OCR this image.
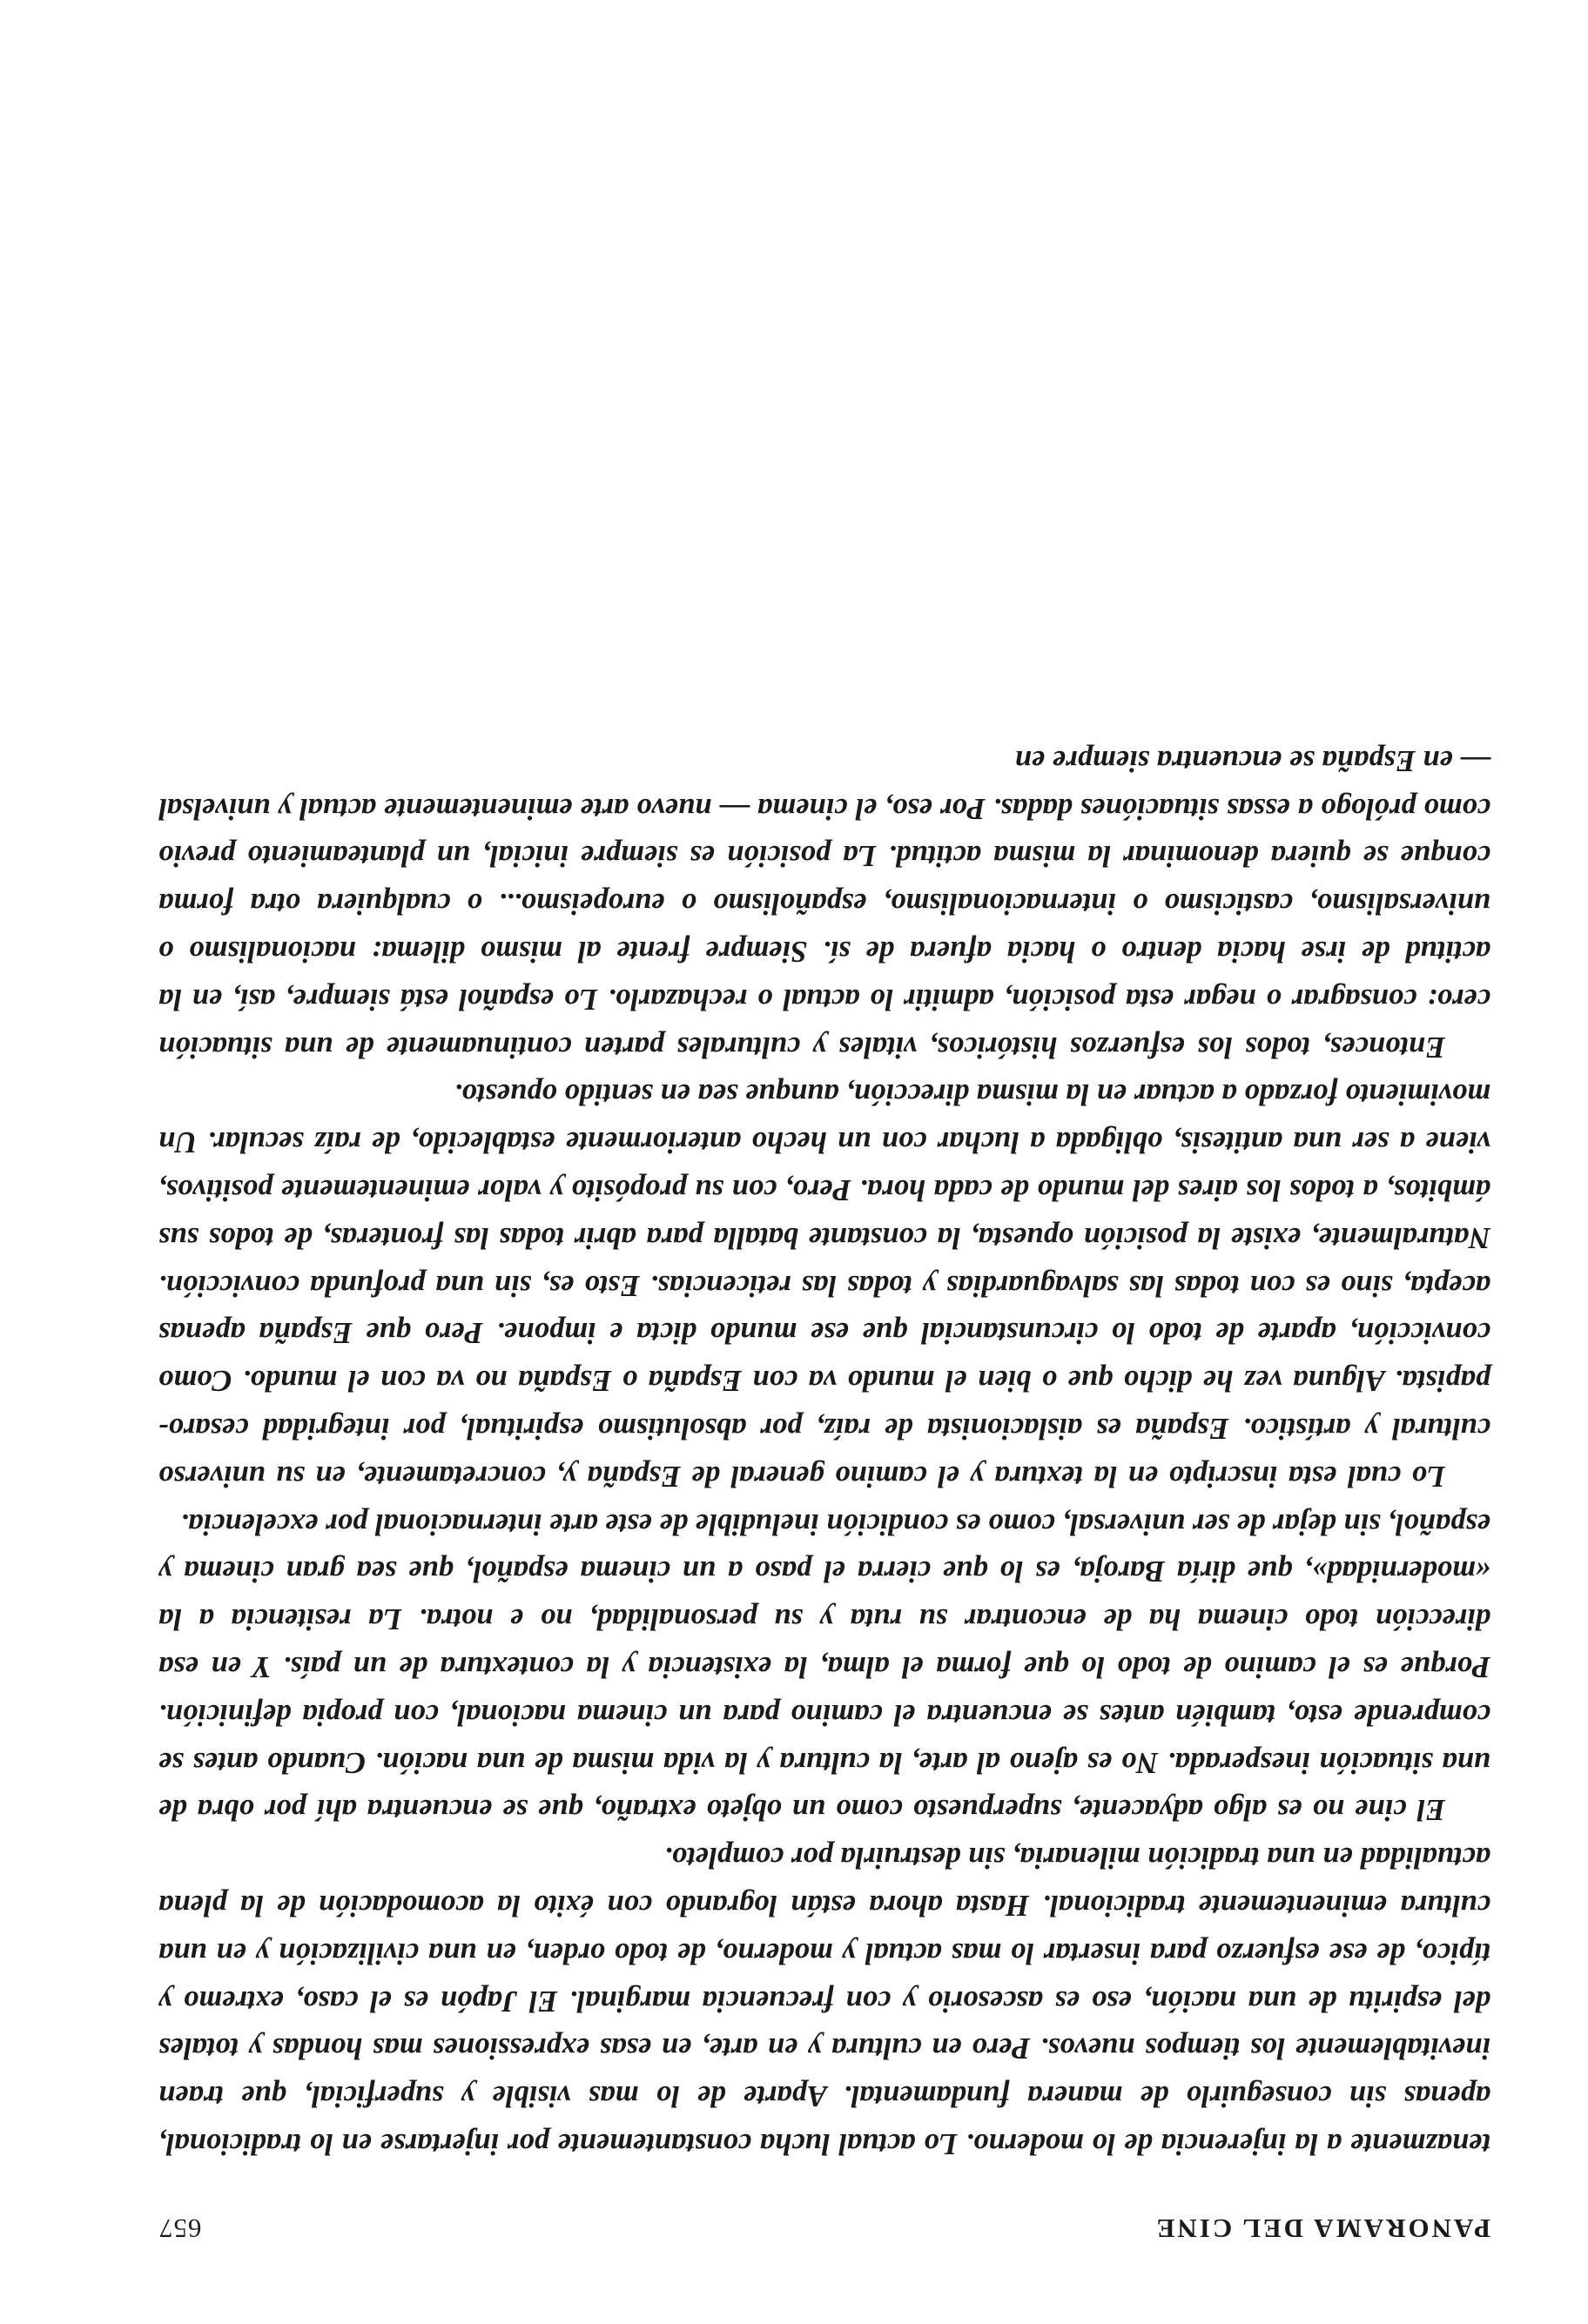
PANORAMA DEL CINE
657

tenazmente a la injerencia de lo moderno. Lo actual lucha constantemente por injertarse en lo tradicional, apenas sin conseguirlo de manera fundamental. Aparte de lo mas visible y superficial, que traen inevitablemente los tiempos nuevos. Pero en cultura y en arte, en esas expressiones mas hondas y totales del espiritu de una nación, eso es ascesorio y con frecuencia marginal. El Japón es el caso, extremo y típico, de ese esfuerzo para insertar lo mas actual y moderno, de todo orden, en una civilización y en una cultura eminentemente tradicional. Hasta ahora están logrando con éxito la acomodación de la plena actualidad en una tradición milenaria, sin destruirla por completo.

El cine no es algo adyacente, superpuesto como un objeto extraño, que se encuentra ahí por obra de una situación inesperada. No es ajeno al arte, la cultura y la vida misma de una nación. Cuando antes se comprende esto, también antes se encuentra el camino para un cinema nacional, con propia definición. Porque es el camino de todo lo que forma el alma, la existencia y la contextura de un país. Y en esa dirección todo cinema ha de encontrar su ruta y su personalidad, no e notra. La resitencia a la «modernidad», que diría Baroja, es lo que cierra el paso a un cinema español, que sea gran cinema y español, sin dejar de ser universal, como es condición ineludible de este arte internacional por excelencia.

Lo cual esta inscripto en la textura y el camino general de España y, concretamente, en su universo cultural y artístico. España es aislacionista de raíz, por absolutismo espiritual, por integridad cesaro-papista. Alguna vez he dicho que o bien el mundo va con España o España no va con el mundo. Como convicción, aparte de todo lo circunstancial que ese mundo dicta e impone. Pero que España apenas acepta, sino es con todas las salvaguardias y todas las reticencias. Esto es, sin una profunda convicción. Naturalmente, existe la posición opuesta, la constante batalla para abrir todas las fronteras, de todos sus ámbitos, a todos los aires del mundo de cada hora. Pero, con su propósito y valor eminentemente positivos, viene a ser una antitesis, obligada a luchar con un hecho anteriormente establecido, de raíz secular. Un movimiento forzado a actuar en la misma dirección, aunque sea en sentido opuesto.

Entonces, todos los esfuerzos históricos, vitales y culturales parten continuamente de una situación cero: consagrar o negar esta posición, admitir lo actual o rechazarlo. Lo español está siempre, así, en la actitud de irse hacia dentro o hacia afuera de sí. Siempre frente al mismo dilema: nacionalismo o universalismo, casticismo o internacionalismo, españolismo o europeismo... o cualquiera otra forma conque se quiera denominar la misma actitud. La posición es siempre inicial, un planteamiento previo como prólogo a essas situaciónes dadas. Por eso, el cinema — nuevo arte eminentemente actual y univelsal — en España se encuentra siempre en
